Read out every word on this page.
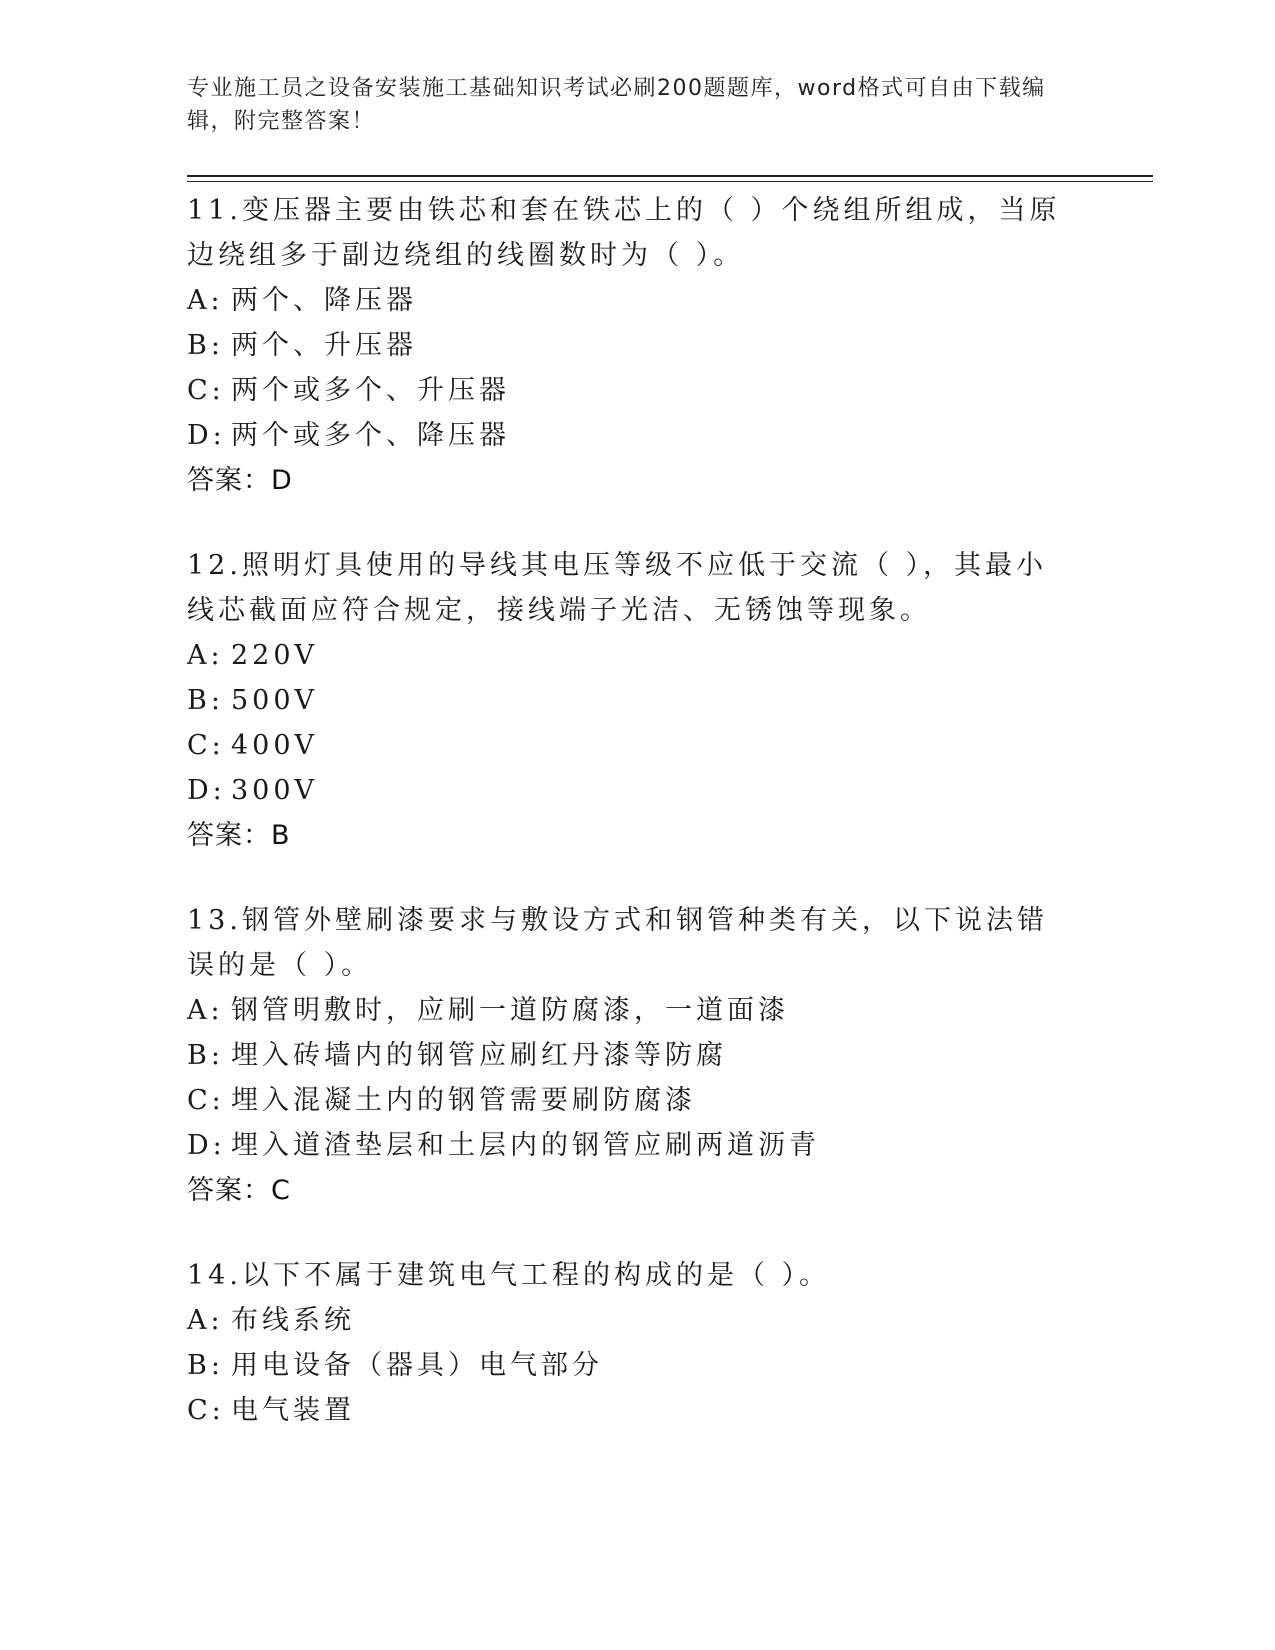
专业施工员之设备安装施工基础知识考试必刷200题题库，word格式可自由下载编辑，附完整答案！
11.变压器主要由铁芯和套在铁芯上的（ ）个绕组所组成，当原边绕组多于副边绕组的线圈数时为（ ）。
A: 两个、降压器
B: 两个、升压器
C: 两个或多个、升压器
D: 两个或多个、降压器
答案：D
12.照明灯具使用的导线其电压等级不应低于交流（ ），其最小线芯截面应符合规定，接线端子光洁、无锈蚀等现象。
A: 220V
B: 500V
C: 400V
D: 300V
答案：B
13.钢管外壁刷漆要求与敷设方式和钢管种类有关，以下说法错误的是（ ）。
A: 钢管明敷时，应刷一道防腐漆，一道面漆
B: 埋入砖墙内的钢管应刷红丹漆等防腐
C: 埋入混凝土内的钢管需要刷防腐漆
D: 埋入道渣垫层和土层内的钢管应刷两道沥青
答案：C
14.以下不属于建筑电气工程的构成的是（ ）。
A: 布线系统
B: 用电设备（器具）电气部分
C: 电气装置
